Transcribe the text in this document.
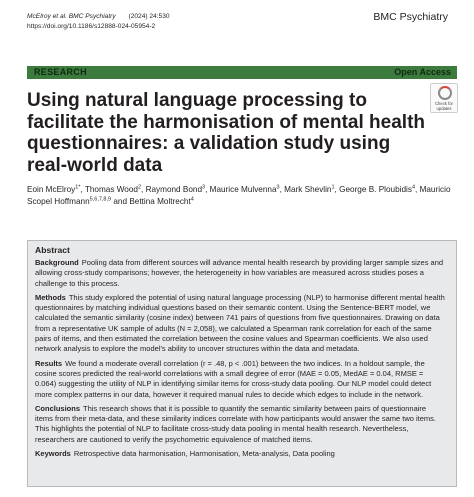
McElroy et al. BMC Psychiatry (2024) 24:530
https://doi.org/10.1186/s12888-024-05954-2
BMC Psychiatry
RESEARCH	Open Access
Check for updates
Using natural language processing to facilitate the harmonisation of mental health questionnaires: a validation study using real-world data
Eoin McElroy$^{1*}$, Thomas Wood$^2$, Raymond Bond$^3$, Maurice Mulvenna$^3$, Mark Shevlin$^1$, George B. Ploubidis$^4$, Mauricio Scopel Hoffmann$^{5,6,7,8,9}$ and Bettina Moltrecht$^4$
Abstract

Background Pooling data from different sources will advance mental health research by providing larger sample sizes and allowing cross-study comparisons; however, the heterogeneity in how variables are measured across studies poses a challenge to this process.

Methods This study explored the potential of using natural language processing (NLP) to harmonise different mental health questionnaires by matching individual questions based on their semantic content. Using the Sentence-BERT model, we calculated the semantic similarity (cosine index) between 741 pairs of questions from five questionnaires. Drawing on data from a representative UK sample of adults (N = 2,058), we calculated a Spearman rank correlation for each of the same pairs of items, and then estimated the correlation between the cosine values and Spearman coefficients. We also used network analysis to explore the model's ability to uncover structures within the data and metadata.

Results We found a moderate overall correlation (r = .48, p < .001) between the two indices. In a holdout sample, the cosine scores predicted the real-world correlations with a small degree of error (MAE = 0.05, MedAE = 0.04, RMSE = 0.064) suggesting the utility of NLP in identifying similar items for cross-study data pooling. Our NLP model could detect more complex patterns in our data, however it required manual rules to decide which edges to include in the network.

Conclusions This research shows that it is possible to quantify the semantic similarity between pairs of questionnaire items from their meta-data, and these similarity indices correlate with how participants would answer the same two items. This highlights the potential of NLP to facilitate cross-study data pooling in mental health research. Nevertheless, researchers are cautioned to verify the psychometric equivalence of matched items.

Keywords Retrospective data harmonisation, Harmonisation, Meta-analysis, Data pooling
